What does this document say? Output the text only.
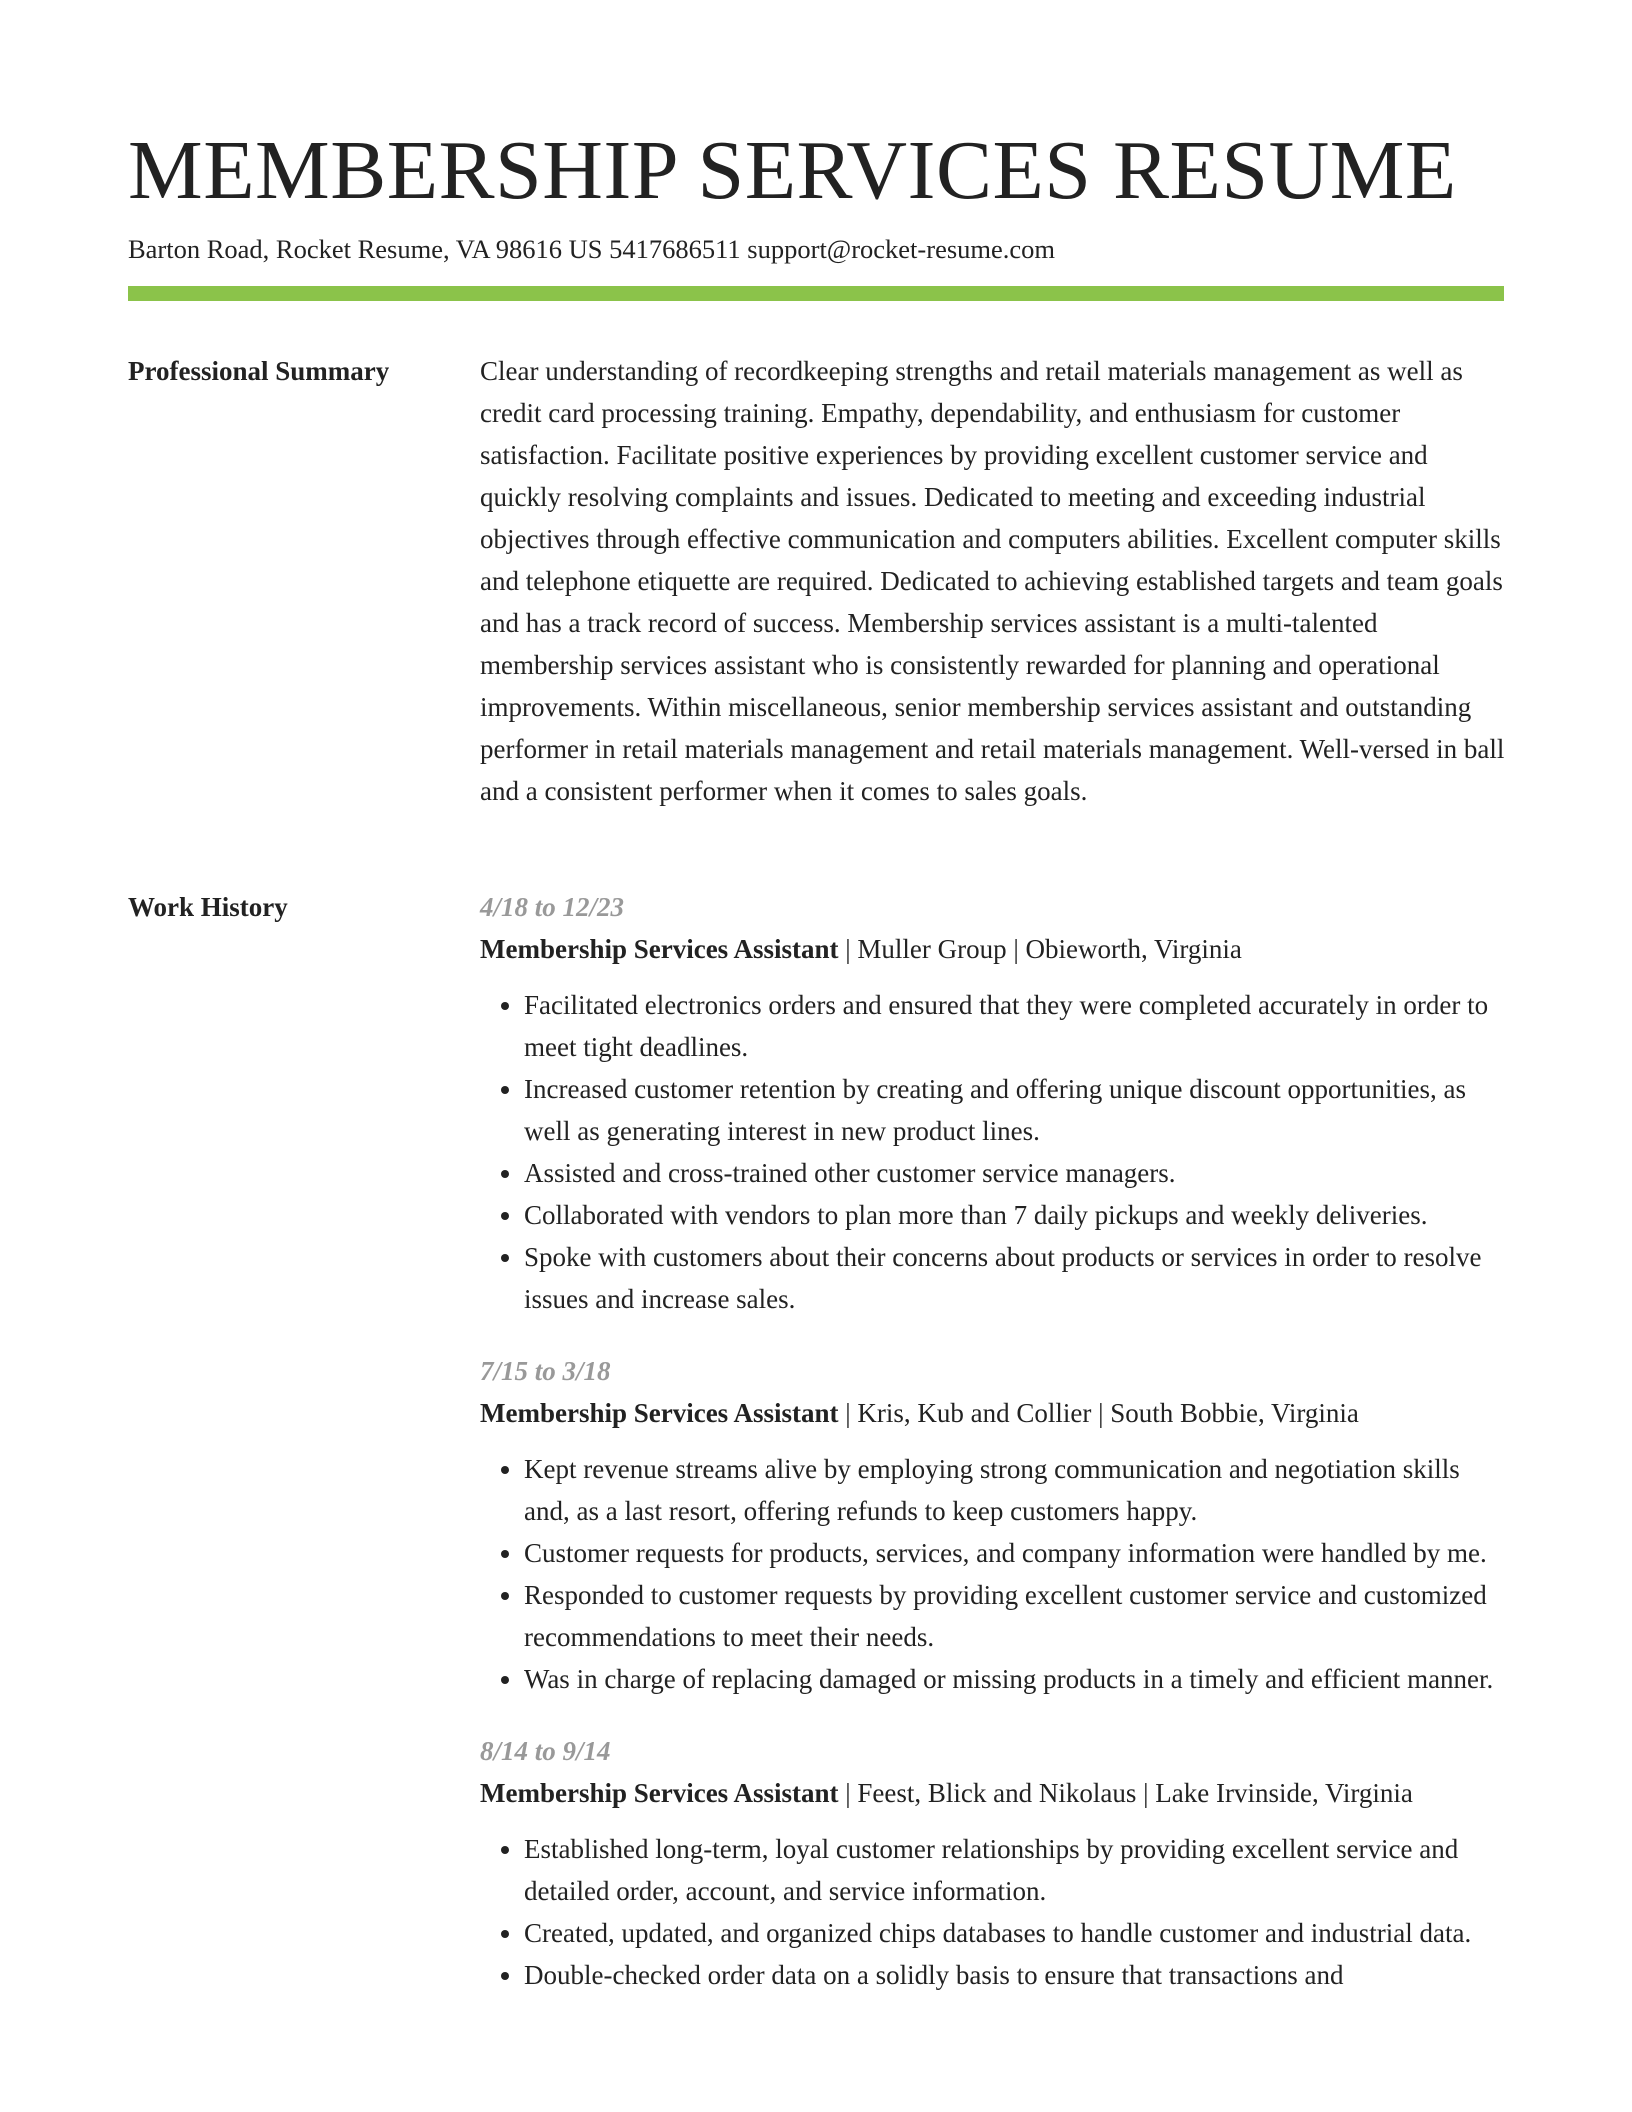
MEMBERSHIP SERVICES RESUME
Barton Road, Rocket Resume, VA 98616 US 5417686511 support@rocket-resume.com
Professional Summary	Clear understanding of recordkeeping strengths and retail materials management as well as credit card processing training. Empathy, dependability, and enthusiasm for customer satisfaction. Facilitate positive experiences by providing excellent customer service and quickly resolving complaints and issues. Dedicated to meeting and exceeding industrial objectives through effective communication and computers abilities. Excellent computer skills and telephone etiquette are required. Dedicated to achieving established targets and team goals and has a track record of success. Membership services assistant is a multi-talented membership services assistant who is consistently rewarded for planning and operational improvements. Within miscellaneous, senior membership services assistant and outstanding performer in retail materials management and retail materials management. Well-versed in ball and a consistent performer when it comes to sales goals.

Work History	4/18 to 12/23
Membership Services Assistant | Muller Group | Obieworth, Virginia
• Facilitated electronics orders and ensured that they were completed accurately in order to meet tight deadlines.
• Increased customer retention by creating and offering unique discount opportunities, as well as generating interest in new product lines.
• Assisted and cross-trained other customer service managers.
• Collaborated with vendors to plan more than 7 daily pickups and weekly deliveries.
• Spoke with customers about their concerns about products or services in order to resolve issues and increase sales.
7/15 to 3/18
Membership Services Assistant | Kris, Kub and Collier | South Bobbie, Virginia
• Kept revenue streams alive by employing strong communication and negotiation skills and, as a last resort, offering refunds to keep customers happy.
• Customer requests for products, services, and company information were handled by me.
• Responded to customer requests by providing excellent customer service and customized recommendations to meet their needs.
• Was in charge of replacing damaged or missing products in a timely and efficient manner.
8/14 to 9/14
Membership Services Assistant | Feest, Blick and Nikolaus | Lake Irvinside, Virginia
• Established long-term, loyal customer relationships by providing excellent service and detailed order, account, and service information.
• Created, updated, and organized chips databases to handle customer and industrial data.
• Double-checked order data on a solidly basis to ensure that transactions and
